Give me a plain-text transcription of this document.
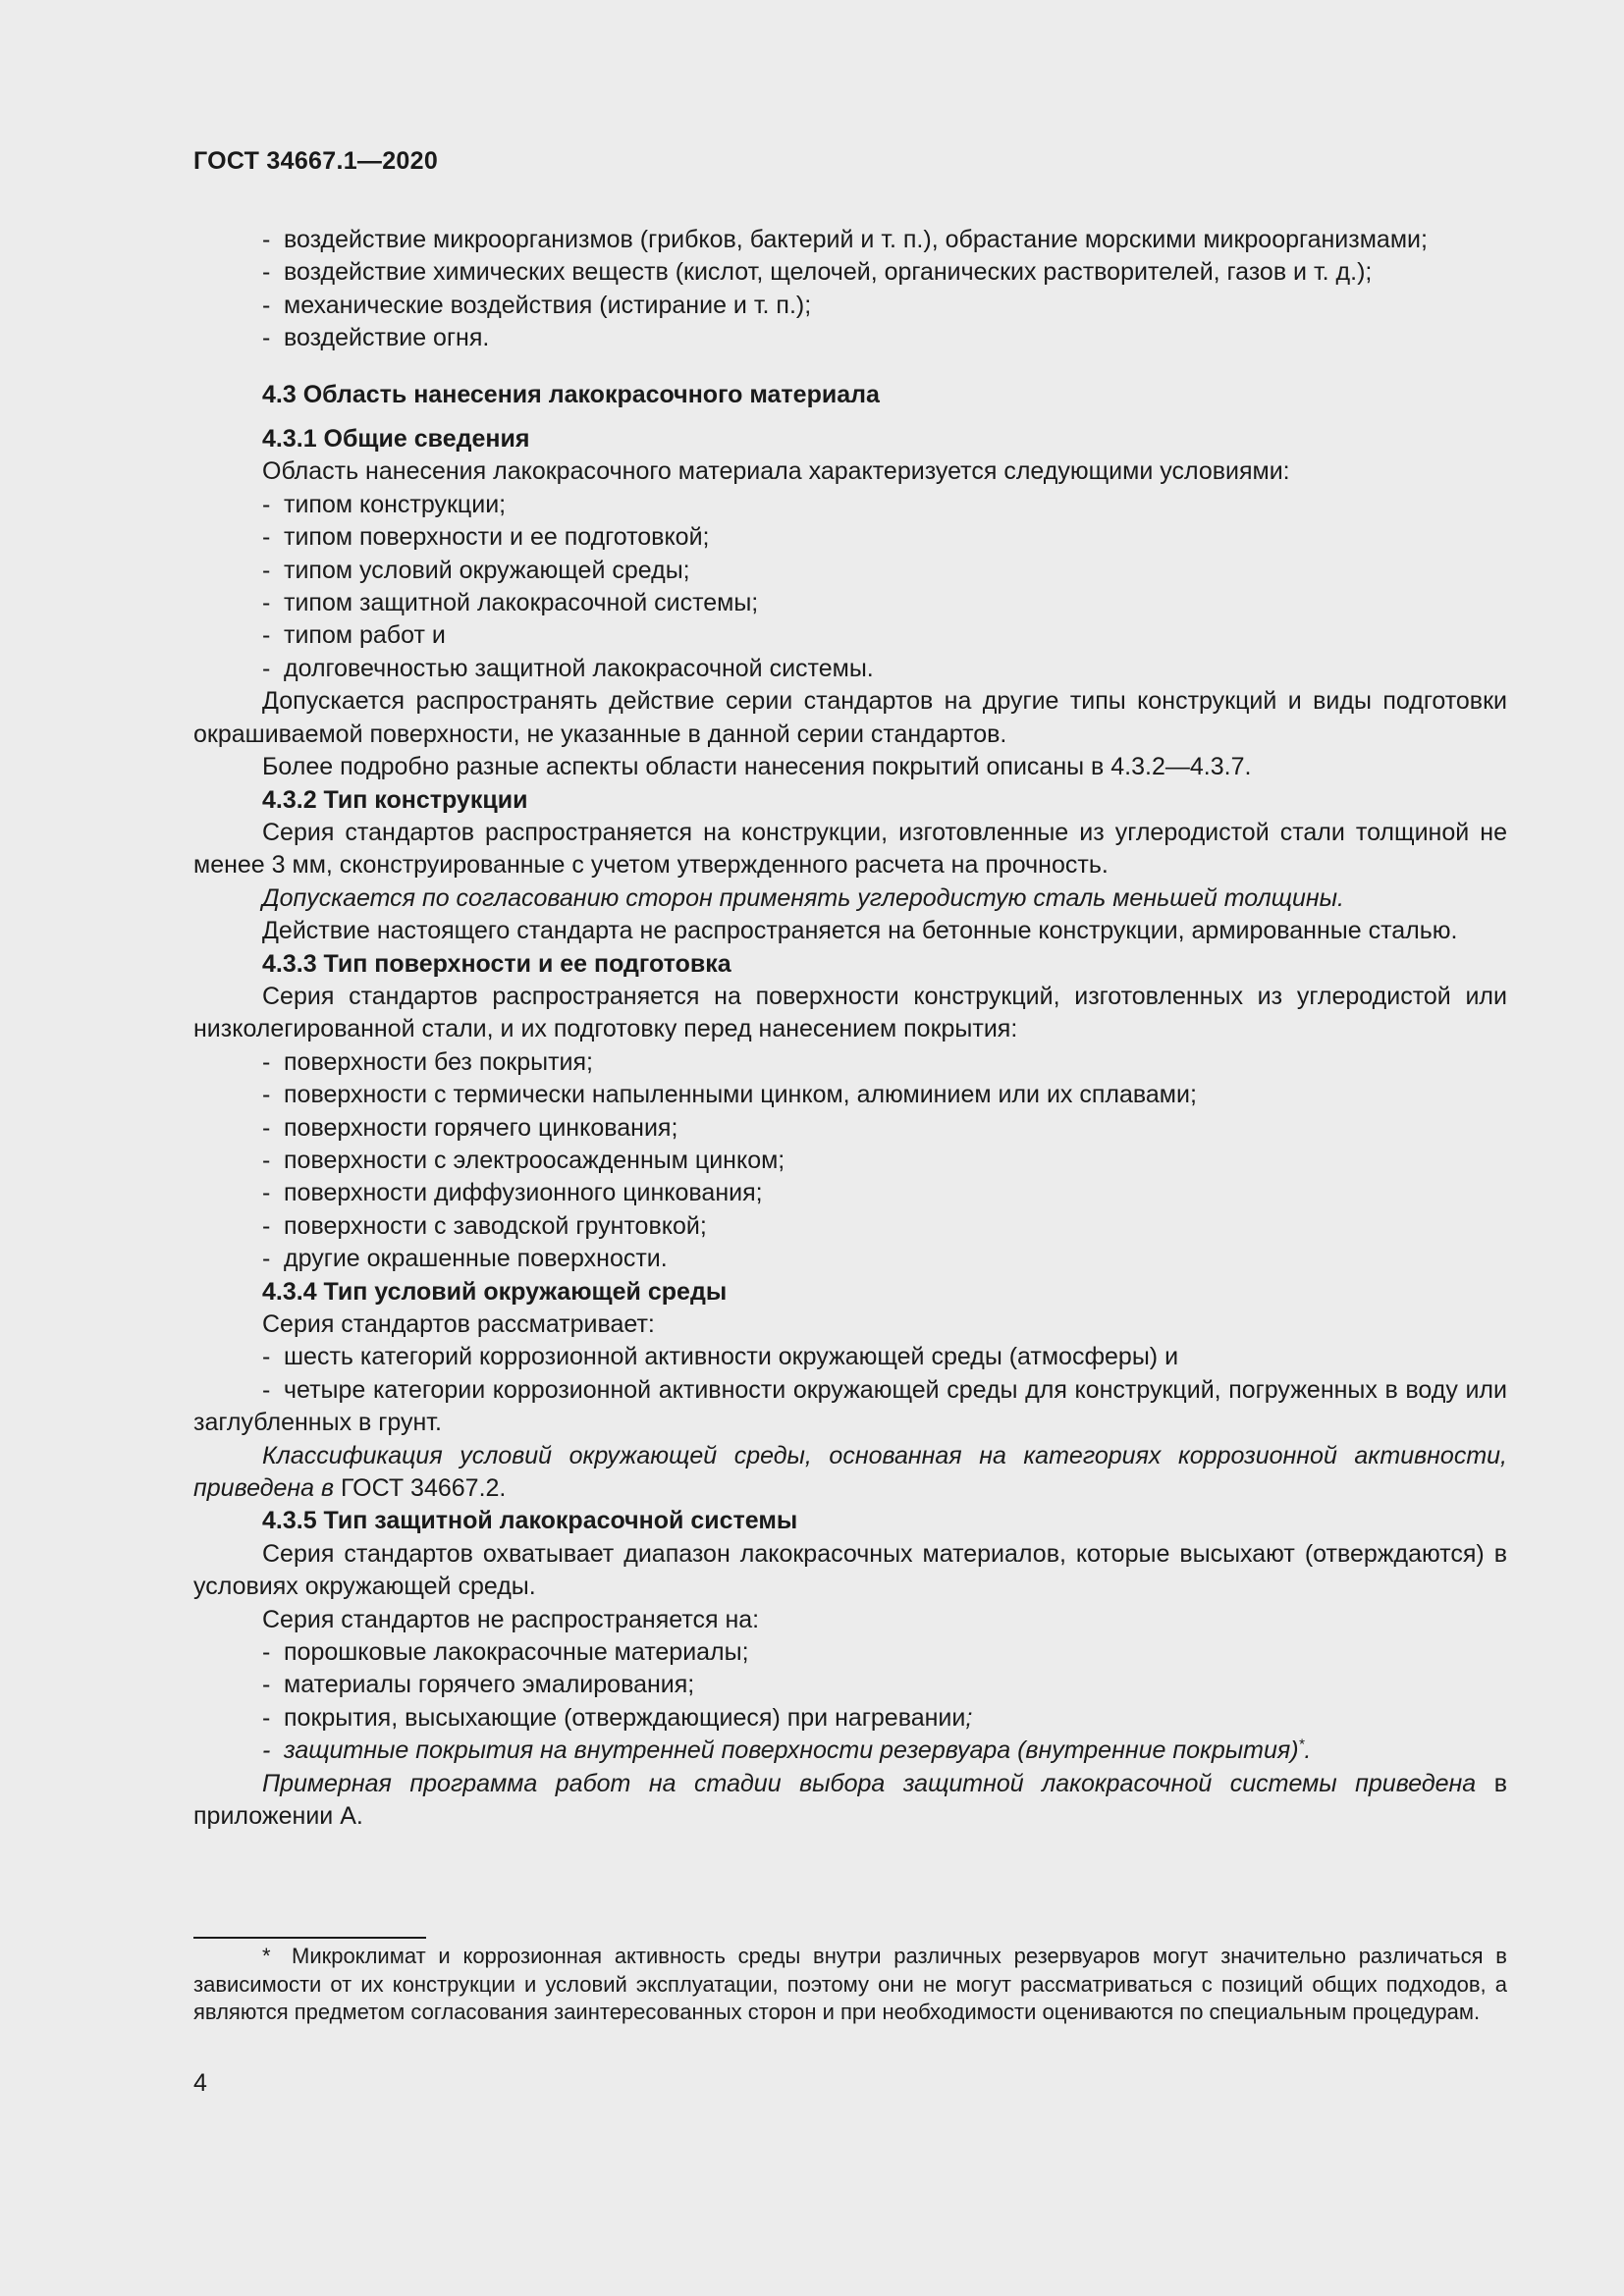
ГОСТ 34667.1—2020
- воздействие микроорганизмов (грибков, бактерий и т. п.), обрастание морскими микроорганизмами;
- воздействие химических веществ (кислот, щелочей, органических растворителей, газов и т. д.);
- механические воздействия (истирание и т. п.);
- воздействие огня.
4.3 Область нанесения лакокрасочного материала
4.3.1 Общие сведения
Область нанесения лакокрасочного материала характеризуется следующими условиями:
- типом конструкции;
- типом поверхности и ее подготовкой;
- типом условий окружающей среды;
- типом защитной лакокрасочной системы;
- типом работ и
- долговечностью защитной лакокрасочной системы.
Допускается распространять действие серии стандартов на другие типы конструкций и виды подготовки окрашиваемой поверхности, не указанные в данной серии стандартов.
Более подробно разные аспекты области нанесения покрытий описаны в 4.3.2—4.3.7.
4.3.2 Тип конструкции
Серия стандартов распространяется на конструкции, изготовленные из углеродистой стали толщиной не менее 3 мм, сконструированные с учетом утвержденного расчета на прочность.
Допускается по согласованию сторон применять углеродистую сталь меньшей толщины.
Действие настоящего стандарта не распространяется на бетонные конструкции, армированные сталью.
4.3.3 Тип поверхности и ее подготовка
Серия стандартов распространяется на поверхности конструкций, изготовленных из углеродистой или низколегированной стали, и их подготовку перед нанесением покрытия:
- поверхности без покрытия;
- поверхности с термически напыленными цинком, алюминием или их сплавами;
- поверхности горячего цинкования;
- поверхности с электроосажденным цинком;
- поверхности диффузионного цинкования;
- поверхности с заводской грунтовкой;
- другие окрашенные поверхности.
4.3.4 Тип условий окружающей среды
Серия стандартов рассматривает:
- шесть категорий коррозионной активности окружающей среды (атмосферы) и
- четыре категории коррозионной активности окружающей среды для конструкций, погруженных в воду или заглубленных в грунт.
Классификация условий окружающей среды, основанная на категориях коррозионной активности, приведена в ГОСТ 34667.2.
4.3.5 Тип защитной лакокрасочной системы
Серия стандартов охватывает диапазон лакокрасочных материалов, которые высыхают (отверждаются) в условиях окружающей среды.
Серия стандартов не распространяется на:
- порошковые лакокрасочные материалы;
- материалы горячего эмалирования;
- покрытия, высыхающие (отверждающиеся) при нагревании;
- защитные покрытия на внутренней поверхности резервуара (внутренние покрытия)*.
Примерная программа работ на стадии выбора защитной лакокрасочной системы приведена в приложении А.
* Микроклимат и коррозионная активность среды внутри различных резервуаров могут значительно различаться в зависимости от их конструкции и условий эксплуатации, поэтому они не могут рассматриваться с позиций общих подходов, а являются предметом согласования заинтересованных сторон и при необходимости оцениваются по специальным процедурам.
4
